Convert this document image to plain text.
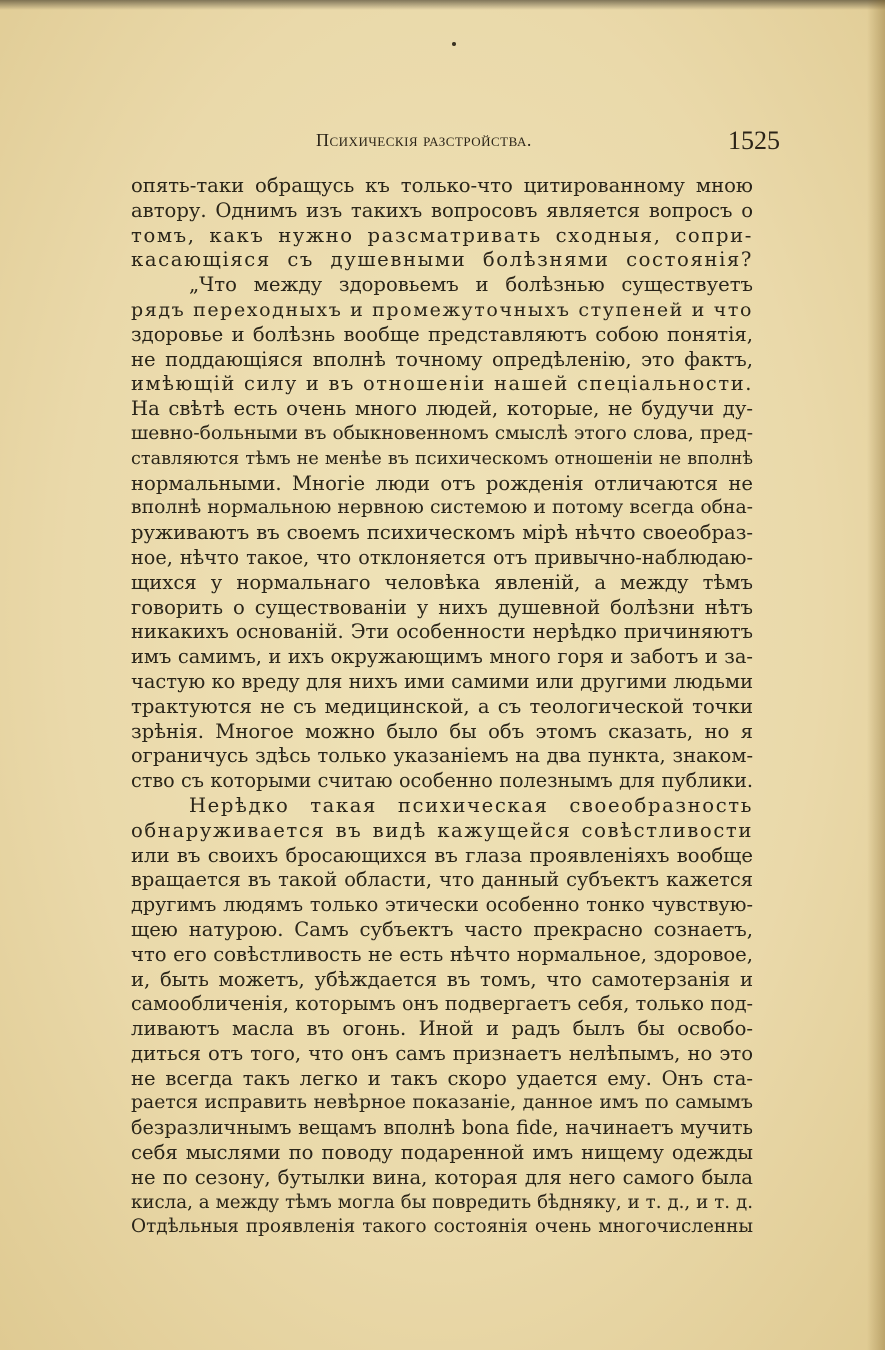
Психическія разстройства.	1525
опять-таки обращусь къ только-что цитированному мною
автору. Однимъ изъ такихъ вопросовъ является вопросъ о
томъ, какъ нужно разсматривать сходныя, сопри-
касающіяся съ душевными болѣзнями состоянія?
„Что между здоровьемъ и болѣзнью существуетъ
рядъ переходныхъ и промежуточныхъ ступеней и что
здоровье и болѣзнь вообще представляютъ собою понятія,
не поддающіяся вполнѣ точному опредѣленію, это фактъ,
имѣющій силу и въ отношеніи нашей спеціальности.
На свѣтѣ есть очень много людей, которые, не будучи ду-
шевно-больными въ обыкновенномъ смыслѣ этого слова, пред-
ставляются тѣмъ не менѣе въ психическомъ отношеніи не вполнѣ
нормальными. Многіе люди отъ рожденія отличаются не
вполнѣ нормальною нервною системою и потому всегда обна-
руживаютъ въ своемъ психическомъ мірѣ нѣчто своеобраз-
ное, нѣчто такое, что отклоняется отъ привычно-наблюдаю-
щихся у нормальнаго человѣка явленій, а между тѣмъ
говорить о существованіи у нихъ душевной болѣзни нѣтъ
никакихъ основаній. Эти особенности нерѣдко причиняютъ
имъ самимъ, и ихъ окружающимъ много горя и заботъ и за-
частую ко вреду для нихъ ими самими или другими людьми
трактуются не съ медицинской, а съ теологической точки
зрѣнія. Многое можно было бы объ этомъ сказать, но я
ограничусь здѣсь только указаніемъ на два пункта, знаком-
ство съ которыми считаю особенно полезнымъ для публики.
Нерѣдко такая психическая своеобразность
обнаруживается въ видѣ кажущейся совѣстливости
или въ своихъ бросающихся въ глаза проявленіяхъ вообще
вращается въ такой области, что данный субъектъ кажется
другимъ людямъ только этически особенно тонко чувствую-
щею натурою. Самъ субъектъ часто прекрасно сознаетъ,
что его совѣстливость не есть нѣчто нормальное, здоровое,
и, быть можетъ, убѣждается въ томъ, что самотерзанія и
самообличенія, которымъ онъ подвергаетъ себя, только под-
ливаютъ масла въ огонь. Иной и радъ былъ бы освобо-
диться отъ того, что онъ самъ признаетъ нелѣпымъ, но это
не всегда такъ легко и такъ скоро удается ему. Онъ ста-
рается исправить невѣрное показаніе, данное имъ по самымъ
безразличнымъ вещамъ вполнѣ bona fide, начинаетъ мучить
себя мыслями по поводу подаренной имъ нищему одежды
не по сезону, бутылки вина, которая для него самого была
кисла, а между тѣмъ могла бы повредить бѣдняку, и т. д., и т. д.
Отдѣльныя проявленія такого состоянія очень многочисленны
